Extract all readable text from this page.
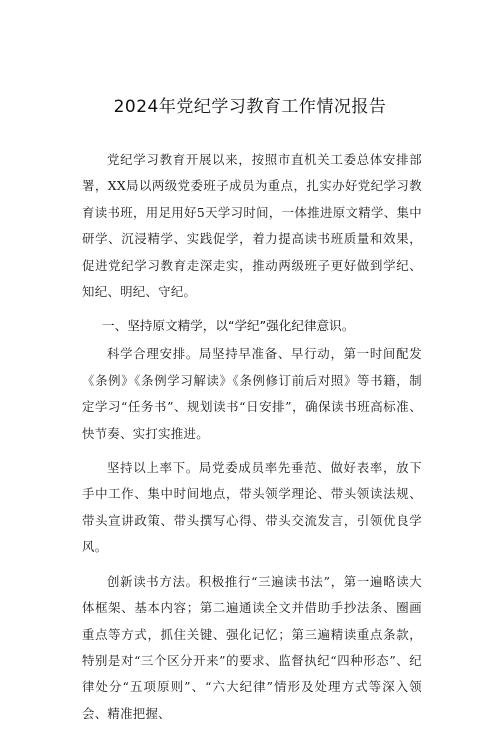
2024年党纪学习教育工作情况报告

党纪学习教育开展以来，按照市直机关工委总体安排部署，XX局以两级党委班子成员为重点，扎实办好党纪学习教育读书班，用足用好5天学习时间，一体推进原文精学、集中研学、沉浸精学、实践促学，着力提高读书班质量和效果，促进党纪学习教育走深走实，推动两级班子更好做到学纪、知纪、明纪、守纪。

一、坚持原文精学，以“学纪”强化纪律意识。

科学合理安排。局坚持早准备、早行动，第一时间配发《条例》《条例学习解读》《条例修订前后对照》等书籍，制定学习“任务书”、规划读书“日安排”，确保读书班高标准、快节奏、实打实推进。

坚持以上率下。局党委成员率先垂范、做好表率，放下手中工作、集中时间地点，带头领学理论、带头领读法规、带头宣讲政策、带头撰写心得、带头交流发言，引领优良学风。

创新读书方法。积极推行“三遍读书法”，第一遍略读大体框架、基本内容；第二遍通读全文并借助手抄法条、圈画重点等方式，抓住关键、强化记忆；第三遍精读重点条款，特别是对“三个区分开来”的要求、监督执纪“四种形态”、纪律处分“五项原则”、“六大纪律”情形及处理方式等深入领会、精准把握、
